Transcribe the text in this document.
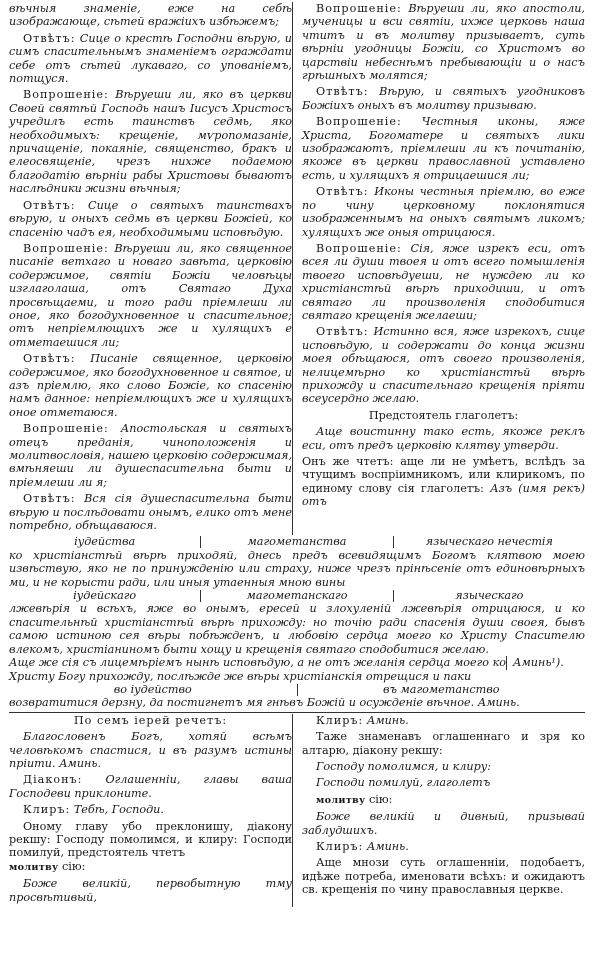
вѣчныя знаменіе, еже на себѣ изображающе, сѣтей вражіихъ избѣжемъ;
Отвѣтъ: Сице о крестѣ Господни вѣрую, и симъ спасительнымъ знаменіемъ ограждати себе отъ сѣтей лукаваго, со упованіемъ, потщуся.
Вопрошеніе: Вѣруеши ли, яко въ церкви Своей святѣй Господь нашъ Іисусъ Христосъ учредилъ есть таинствъ седмь, яко необходимыхъ: крещеніе, мѵропомазаніе, причащеніе, покаяніе, священство, бракъ и елеосвященіе, чрезъ нихже подаемою благодатію вѣрніи рабы Христовы бываютъ наслѣдники жизни вѣчныя;
Отвѣтъ: Сице о святыхъ таинствахъ вѣрую, и оныхъ седмь въ церкви Божіей, ко спасенію чадъ ея, необходимыми исповѣдую.
Вопрошеніе: Вѣруеши ли, яко священное писаніе ветхаго и новаго завѣта, церковію содержимое, святіи Божіи человѣцы изглаголаша, отъ Святаго Духа просвѣщаеми, и того ради пріемлеши ли оное, яко богодухновенное и спасительное; отъ непріемлющихъ же и хулящихъ е отметаешися ли;
Отвѣтъ: Писаніе священное, церковію содержимое, яко богодухновенное и святое, и азъ пріемлю, яко слово Божіе, ко спасенію намъ данное: непріемлющихъ же и хулящихъ оное отметаюся.
Вопрошеніе: Апостольская и святыхъ отецъ преданія, чиноположенія и молитвословія, нашею церковію содержимая, вмѣняеши ли душеспасительна быти и пріемлеши ли я;
Отвѣтъ: Вся сія душеспасительна быти вѣрую и послѣдовати онымъ, елико отъ мене потребно, обѣщаваюся.
Вопрошеніе: Вѣруеши ли, яко апостоли, мученицы и вси святіи, ихже церковь наша чтитъ и въ молитву призываетъ, суть вѣрніи угодницы Божіи, со Христомъ во царствіи небеснѣмъ пребывающіи и о насъ грѣшныхъ молятся;
Отвѣтъ: Вѣрую, и святыхъ угодниковъ Божіихъ оныхъ въ молитву призываю.
Вопрошеніе: Честныя иконы, яже Христа, Богоматере и святыхъ лики изображаютъ, пріемлеши ли къ почитанію, якоже въ церкви православной уставлено есть, и хулящихъ я отрицаешися ли;
Отвѣтъ: Иконы честныя пріемлю, во еже по чину церковному поклонятися изображеннымъ на оныхъ святымъ ликомъ; хулящихъ же оныя отрицаюся.
Вопрошеніе: Сія, яже изрекъ еси, отъ всея ли души твоея и отъ всего помышленія твоего исповѣдуеши, не нуждею ли ко христіанстѣй вѣрѣ приходиши, и отъ святаго ли произволенія сподобитися святаго крещенія желаеши;
Отвѣтъ: Истинно вся, яже изрекохъ, сице исповѣдую, и содержати до конца жизни моея обѣщаюся, отъ своего произволенія, нелицемѣрно ко христіанстѣй вѣрѣ прихожду и спасительнаго крещенія пріяти всеусердно желаю.
Предстоятель глаголетъ:
Аще воистинну тако есть, якоже реклъ еси, отъ предъ церковію клятву утверди.
Онъ же чтетъ: аще ли не умѣетъ, вслѣдъ за чтущимъ воспріимникомъ, или клирикомъ, по единому слову сія глаголетъ: Азъ (имя рекъ) отъ
іудейства	магометанства	языческаго нечестія

ко христіанстѣй вѣрѣ приходяй, днесь предъ всевидящимъ Богомъ клятвою моею извѣствую, яко не по принужденію или страху, ниже чрезъ прінѣсеніе отъ единовѣрныхъ ми, и не корысти ради, или иныя утаенныя мною вины

іудейскаго	магометанскаго	языческаго

лжевѣрія и всѣхъ, яже во онымъ, ересей и злохуленій лжевѣрія отрицаюся, и ко спасительнѣй христіанстѣй вѣрѣ прихожду: но точію ради спасенія души своея, бывъ самою истиною сея вѣры побѣжденъ, и любовію сердца моего ко Христу Спасителю влекомъ, христіаниномъ быти хощу и крещенія святаго сподобитися желаю.

Аще же сія съ лицемѣріемъ нынѣ исповѣдую, а не отъ желанія сердца моего ко Христу Богу прихожду, послѣжде же вѣры христіанскія отрещися и паки
Аминь¹).
во іудейство	въ магометанство

возвратитися дерзну, да постигнетъ мя гнѣвъ Божій и осужденіе вѣчное. Аминь.

По семъ іерей речетъ:
Благословенъ Богъ, хотяй всѣмъ человѣкомъ спастися, и въ разумъ истины пріити. Аминь.
Діаконъ: Оглашенніи, главы ваша Господеви приклоните.
Клиръ: Тебѣ, Господи.
Оному главу убо преклонишу, діакону рекшу: Господу помолимся, и клиру: Господи помилуй, предстоятель чтетъ
молитву сію:
Боже великій, первобытную тму просвѣтивый,
Клиръ: Аминь.
Таже знаменавъ оглашеннаго и зря ко алтарю, діакону рекшу:
Господу помолимся, и клиру:
Господи помилуй, глаголетъ
молитву сію:
Боже великій и дивный, призывай заблудшихъ.
Клиръ: Аминь.
Аще мнози суть оглашенніи, подобаетъ, идѣже потреба, именовати всѣхъ: и ожидаютъ св. крещенія по чину православныя церкве.
